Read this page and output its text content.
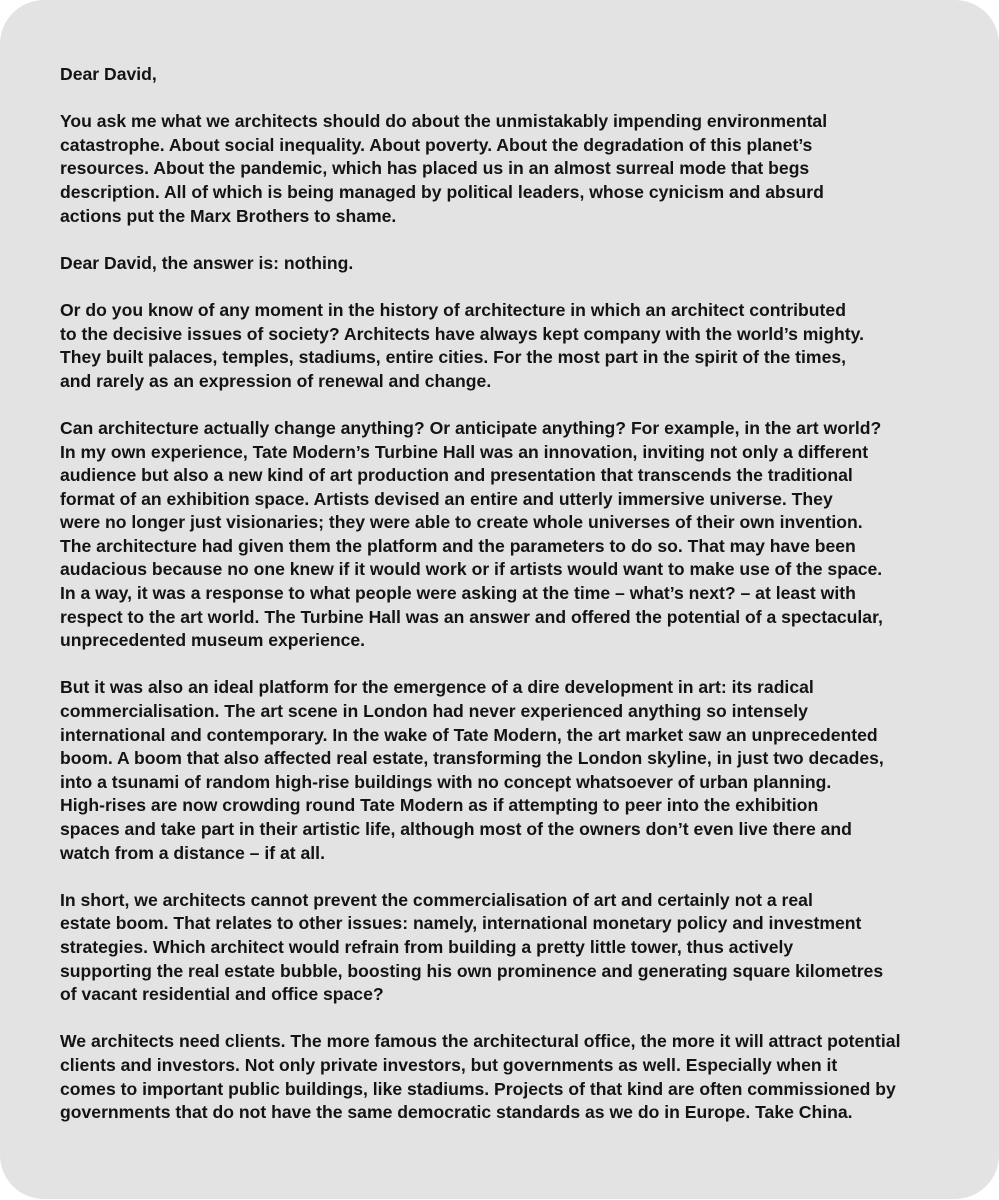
Dear David,

You ask me what we architects should do about the unmistakably impending environmental
catastrophe. About social inequality. About poverty. About the degradation of this planet’s
resources. About the pandemic, which has placed us in an almost surreal mode that begs
description. All of which is being managed by political leaders, whose cynicism and absurd
actions put the Marx Brothers to shame.

Dear David, the answer is: nothing.

Or do you know of any moment in the history of architecture in which an architect contributed
to the decisive issues of society? Architects have always kept company with the world’s mighty.
They built palaces, temples, stadiums, entire cities. For the most part in the spirit of the times,
and rarely as an expression of renewal and change.

Can architecture actually change anything? Or anticipate anything? For example, in the art world?
In my own experience, Tate Modern’s Turbine Hall was an innovation, inviting not only a different
audience but also a new kind of art production and presentation that transcends the traditional
format of an exhibition space. Artists devised an entire and utterly immersive universe. They
were no longer just visionaries; they were able to create whole universes of their own invention.
The architecture had given them the platform and the parameters to do so. That may have been
audacious because no one knew if it would work or if artists would want to make use of the space.
In a way, it was a response to what people were asking at the time – what’s next? – at least with
respect to the art world. The Turbine Hall was an answer and offered the potential of a spectacular,
unprecedented museum experience.

But it was also an ideal platform for the emergence of a dire development in art: its radical
commercialisation. The art scene in London had never experienced anything so intensely
international and contemporary. In the wake of Tate Modern, the art market saw an unprecedented
boom. A boom that also affected real estate, transforming the London skyline, in just two decades,
into a tsunami of random high-rise buildings with no concept whatsoever of urban planning.
High-rises are now crowding round Tate Modern as if attempting to peer into the exhibition
spaces and take part in their artistic life, although most of the owners don’t even live there and
watch from a distance – if at all.

In short, we architects cannot prevent the commercialisation of art and certainly not a real
estate boom. That relates to other issues: namely, international monetary policy and investment
strategies. Which architect would refrain from building a pretty little tower, thus actively
supporting the real estate bubble, boosting his own prominence and generating square kilometres
of vacant residential and office space?

We architects need clients. The more famous the architectural office, the more it will attract potential
clients and investors. Not only private investors, but governments as well. Especially when it
comes to important public buildings, like stadiums. Projects of that kind are often commissioned by
governments that do not have the same democratic standards as we do in Europe. Take China.
